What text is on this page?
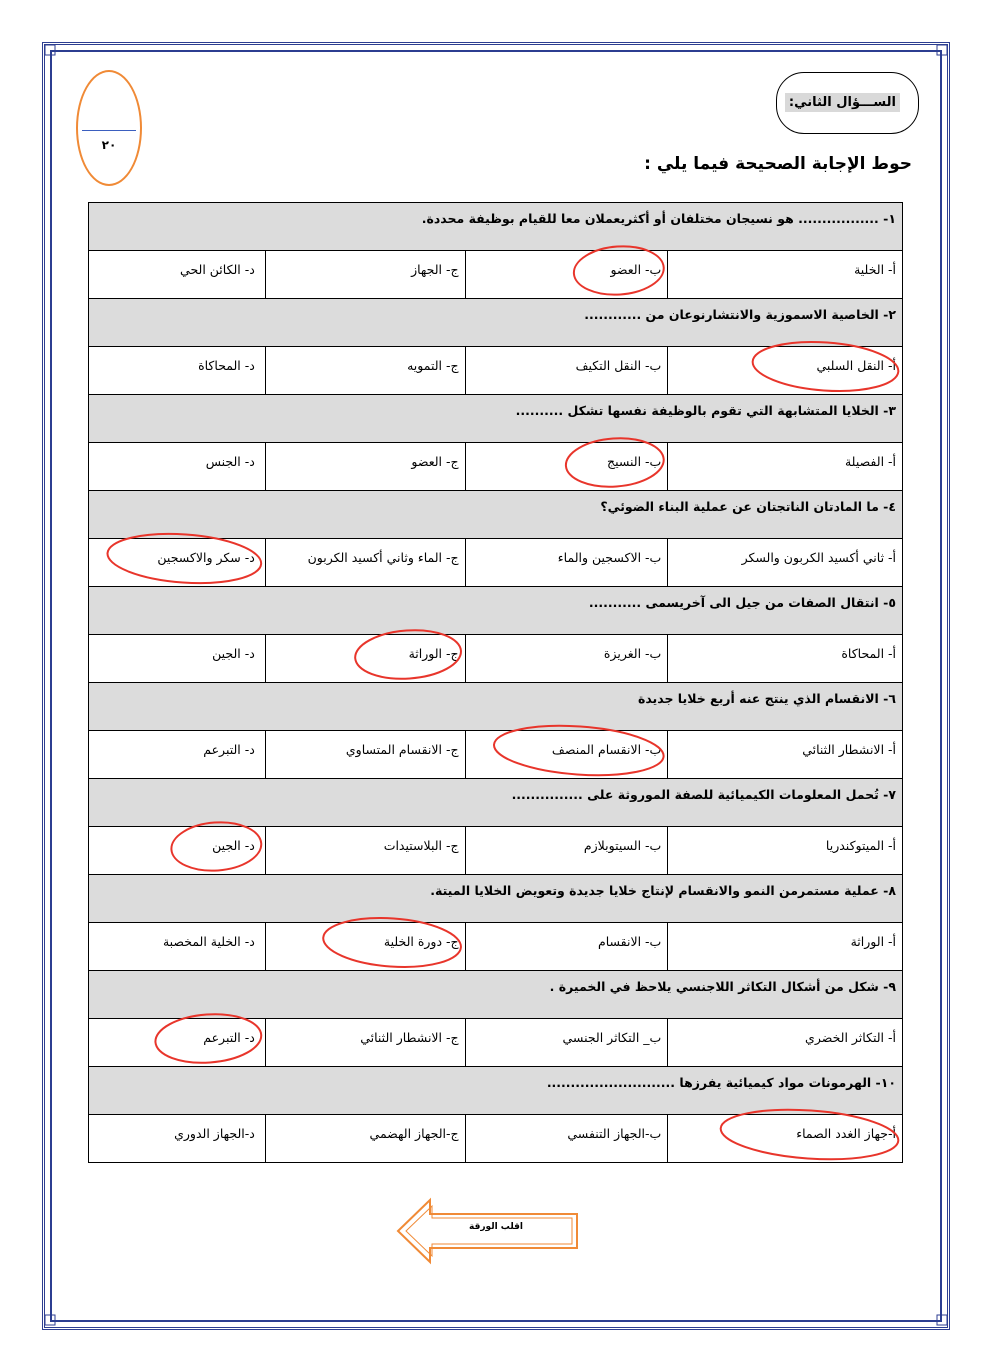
الســـؤال الثاني:
٢٠
حوط الإجابة الصحيحة فيما يلي :
١- ................. هو نسيجان مختلفان أو أكثريعملان معا للقيام بوظيفة محددة.			
أ- الخلية	ب- العضو	ج- الجهاز	د- الكائن الحي
٢- الخاصية الاسموزية والانتشارنوعان من ............			
أ- النقل السلبي	ب- النقل التكيف	ج- التمويه	د- المحاكاة
٣- الخلايا المتشابهة التي تقوم بالوظيفة نفسها تشكل ..........			
أ- الفصيلة	ب- النسيج	ج- العضو	د- الجنس
٤- ما المادتان الناتجتان عن عملية البناء الضوئي؟			
أ- ثاني أكسيد الكربون والسكر	ب- الاكسجين والماء	ج- الماء وثاني أكسيد الكربون	د- سكر والاكسجين
٥- انتقال الصفات من جيل الى آخريسمى ...........			
أ- المحاكاة	ب- الغريزة	ج- الوراثة	د- الجين
٦- الانقسام الذي ينتج عنه أربع خلايا جديدة			
أ- الانشطار الثنائي	ب- الانقسام المنصف	ج- الانقسام المتساوي	د- التبرعم
٧- تُحمل المعلومات الكيميائية للصفة الموروثة على ...............			
أ- الميتوكندريا	ب- السيتوبلازم	ج- البلاستيدات	د- الجين
٨- عملية مستمرمن النمو والانقسام لإنتاج خلايا جديدة وتعويض الخلايا الميتة.			
أ- الوراثة	ب- الانقسام	ج- دورة الخلية	د- الخلية المخصبة
٩- شكل من أشكال التكاثر اللاجنسي يلاحظ في الخميرة .			
أ- التكاثر الخضري	ب_ التكاثر الجنسي	ج- الانشطار الثنائي	د- التبرعم
١٠- الهرمونات مواد كيميائية يفرزها ...........................			
أ-جهاز الغدد الصماء	ب-الجهاز التنفسي	ج-الجهاز الهضمي	د-الجهاز الدوري
اقلب الورقة
